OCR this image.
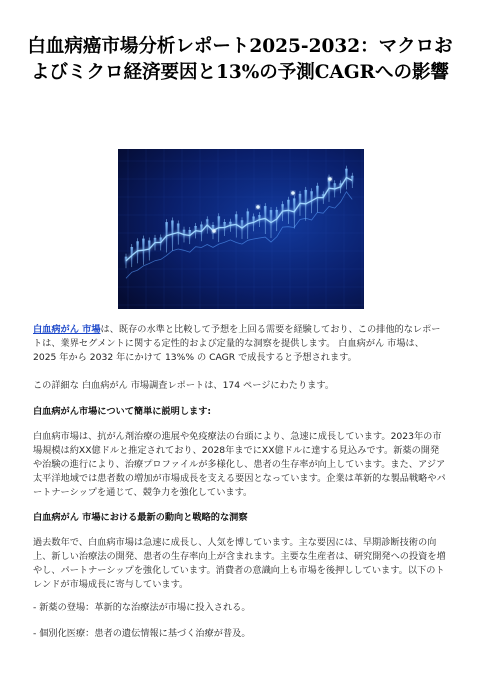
白血病癌市場分析レポート2025-2032：マクロおよびミクロ経済要因と13%の予測CAGRへの影響

白血病がん 市場は、既存の水準と比較して予想を上回る需要を経験しており、この排他的なレポートは、業界セグメントに関する定性的および定量的な洞察を提供します。 白血病がん 市場は、2025 年から 2032 年にかけて 13%% の CAGR で成長すると予想されます。

この詳細な 白血病がん 市場調査レポートは、174 ページにわたります。

白血病がん市場について簡単に説明します:

白血病市場は、抗がん剤治療の進展や免疫療法の台頭により、急速に成長しています。2023年の市場規模は約XX億ドルと推定されており、2028年までにXX億ドルに達する見込みです。新薬の開発や治験の進行により、治療プロファイルが多様化し、患者の生存率が向上しています。また、アジア太平洋地域では患者数の増加が市場成長を支える要因となっています。企業は革新的な製品戦略やパートナーシップを通じて、競争力を強化しています。

白血病がん 市場における最新の動向と戦略的な洞察

過去数年で、白血病市場は急速に成長し、人気を博しています。主な要因には、早期診断技術の向上、新しい治療法の開発、患者の生存率向上が含まれます。主要な生産者は、研究開発への投資を増やし、パートナーシップを強化しています。消費者の意識向上も市場を後押ししています。以下のトレンドが市場成長に寄与しています。

- 新薬の登場：革新的な治療法が市場に投入される。
- 個別化医療：患者の遺伝情報に基づく治療が普及。
